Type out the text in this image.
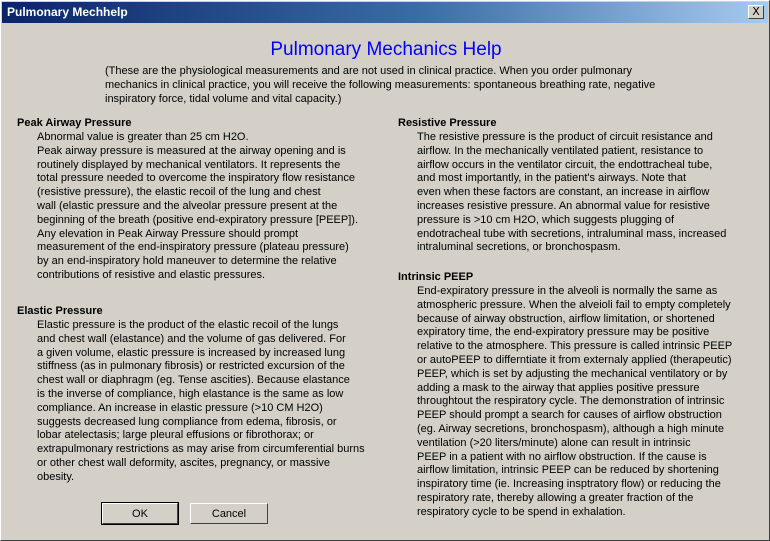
Pulmonary Mechhelp	X
Pulmonary Mechanics Help
(These are the physiological measurements and are not used in clinical practice. When you order pulmonary
mechanics in clinical practice, you will receive the following measurements: spontaneous breathing rate, negative
inspiratory force, tidal volume and vital capacity.)
Peak Airway Pressure
Abnormal value is greater than 25 cm H2O.
Peak airway pressure is measured at the airway opening and is
routinely displayed by mechanical ventilators. It represents the
total pressure needed to overcome the inspiratory flow resistance
(resistive pressure), the elastic recoil of the lung and chest
wall (elastic pressure and the alveolar pressure present at the
beginning of the breath (positive end-expiratory pressure [PEEP]).
Any elevation in Peak Airway Pressure should prompt
measurement of the end-inspiratory pressure (plateau pressure)
by an end-inspiratory hold maneuver to determine the relative
contributions of resistive and elastic pressures.
Elastic Pressure
Elastic pressure is the product of the elastic recoil of the lungs
and chest wall (elastance) and the volume of gas delivered. For
a given volume, elastic pressure is increased by increased lung
stiffness (as in pulmonary fibrosis) or restricted excursion of the
chest wall or diaphragm (eg. Tense ascities). Because elastance
is the inverse of compliance, high elastance is the same as low
compliance. An increase in elastic pressure (>10 CM H2O)
suggests decreased lung compliance from edema, fibrosis, or
lobar atelectasis; large pleural effusions or fibrothorax; or
extrapulmonary restrictions as may arise from circumferential burns
or other chest wall deformity, ascites, pregnancy, or massive
obesity.
Resistive Pressure
The resistive pressure is the product of circuit resistance and
airflow. In the mechanically ventilated patient, resistance to
airflow occurs in the ventilator circuit, the endottracheal tube,
and most importantly, in the patient's airways. Note that
even when these factors are constant, an increase in airflow
increases resistive pressure. An abnormal value for resistive
pressure is >10 cm H2O, which suggests plugging of
endotracheal tube with secretions, intraluminal mass, increased
intraluminal secretions, or bronchospasm.
Intrinsic PEEP
End-expiratory pressure in the alveoli is normally the same as
atmospheric pressure. When the alveioli fail to empty completely
because of airway obstruction, airflow limitation, or shortened
expiratory time, the end-expiratory pressure may be positive
relative to the atmosphere. This pressure is called intrinsic PEEP
or autoPEEP to differntiate it from externaly applied (therapeutic)
PEEP, which is set by adjusting the mechanical ventilatory or by
adding a mask to the airway that applies positive pressure
throughtout the respiratory cycle. The demonstration of intrinsic
PEEP should prompt a search for causes of airflow obstruction
(eg. Airway secretions, bronchospasm), although a high minute
ventilation (>20 liters/minute) alone can result in intrinsic
PEEP in a patient with no airflow obstruction. If the cause is
airflow limitation, intrinsic PEEP can be reduced by shortening
inspiratory time (ie. Increasing insptratory flow) or reducing the
respiratory rate, thereby allowing a greater fraction of the
respiratory cycle to be spend in exhalation.
OK	Cancel
